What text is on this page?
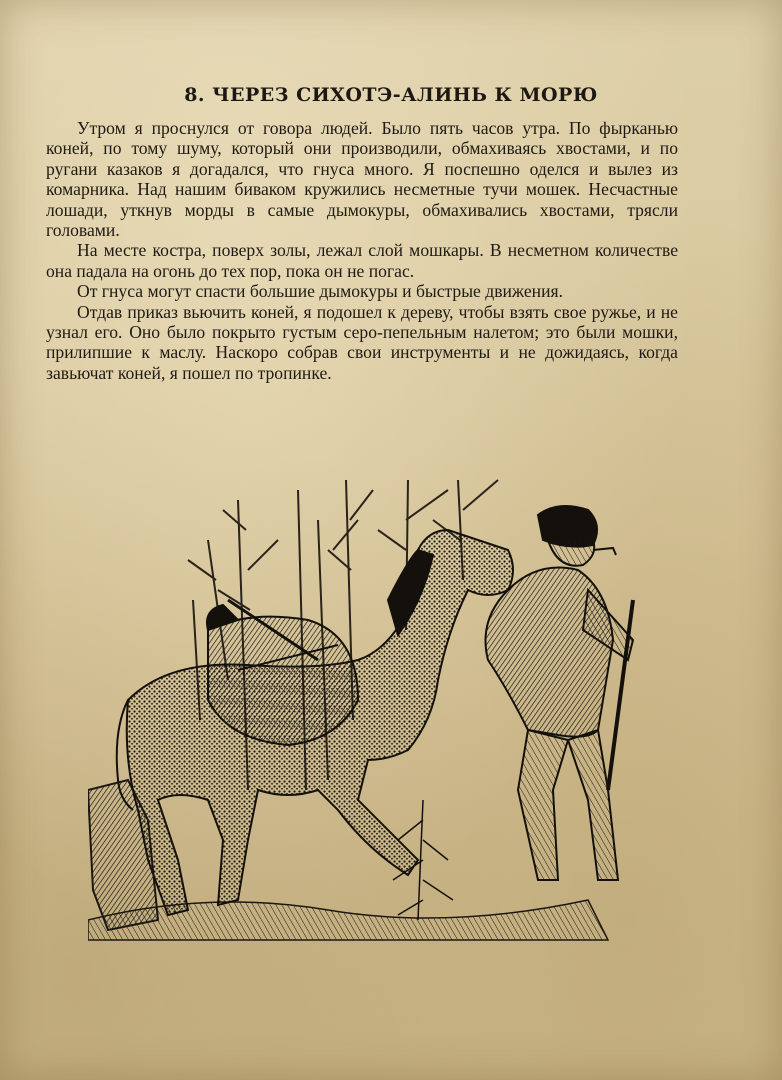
8. ЧЕРЕЗ СИХОТЭ-АЛИНЬ К МОРЮ

Утром я проснулся от говора людей. Было пять часов утра. По фырканью коней, по тому шуму, который они производили, обмахиваясь хвостами, и по ругани казаков я догадался, что гнуса много. Я поспешно оделся и вылез из комарника. Над нашим биваком кружились несметные тучи мошек. Несчастные лошади, уткнув морды в самые дымокуры, обмахивались хвостами, трясли головами.

На месте костра, поверх золы, лежал слой мошкары. В несметном количестве она падала на огонь до тех пор, пока он не погас.

От гнуса могут спасти большие дымокуры и быстрые движения.

Отдав приказ вьючить коней, я подошел к дереву, чтобы взять свое ружье, и не узнал его. Оно было покрыто густым серо-пепельным налетом; это были мошки, прилипшие к маслу. Наскоро собрав свои инструменты и не дожидаясь, когда завьючат коней, я пошел по тропинке.
